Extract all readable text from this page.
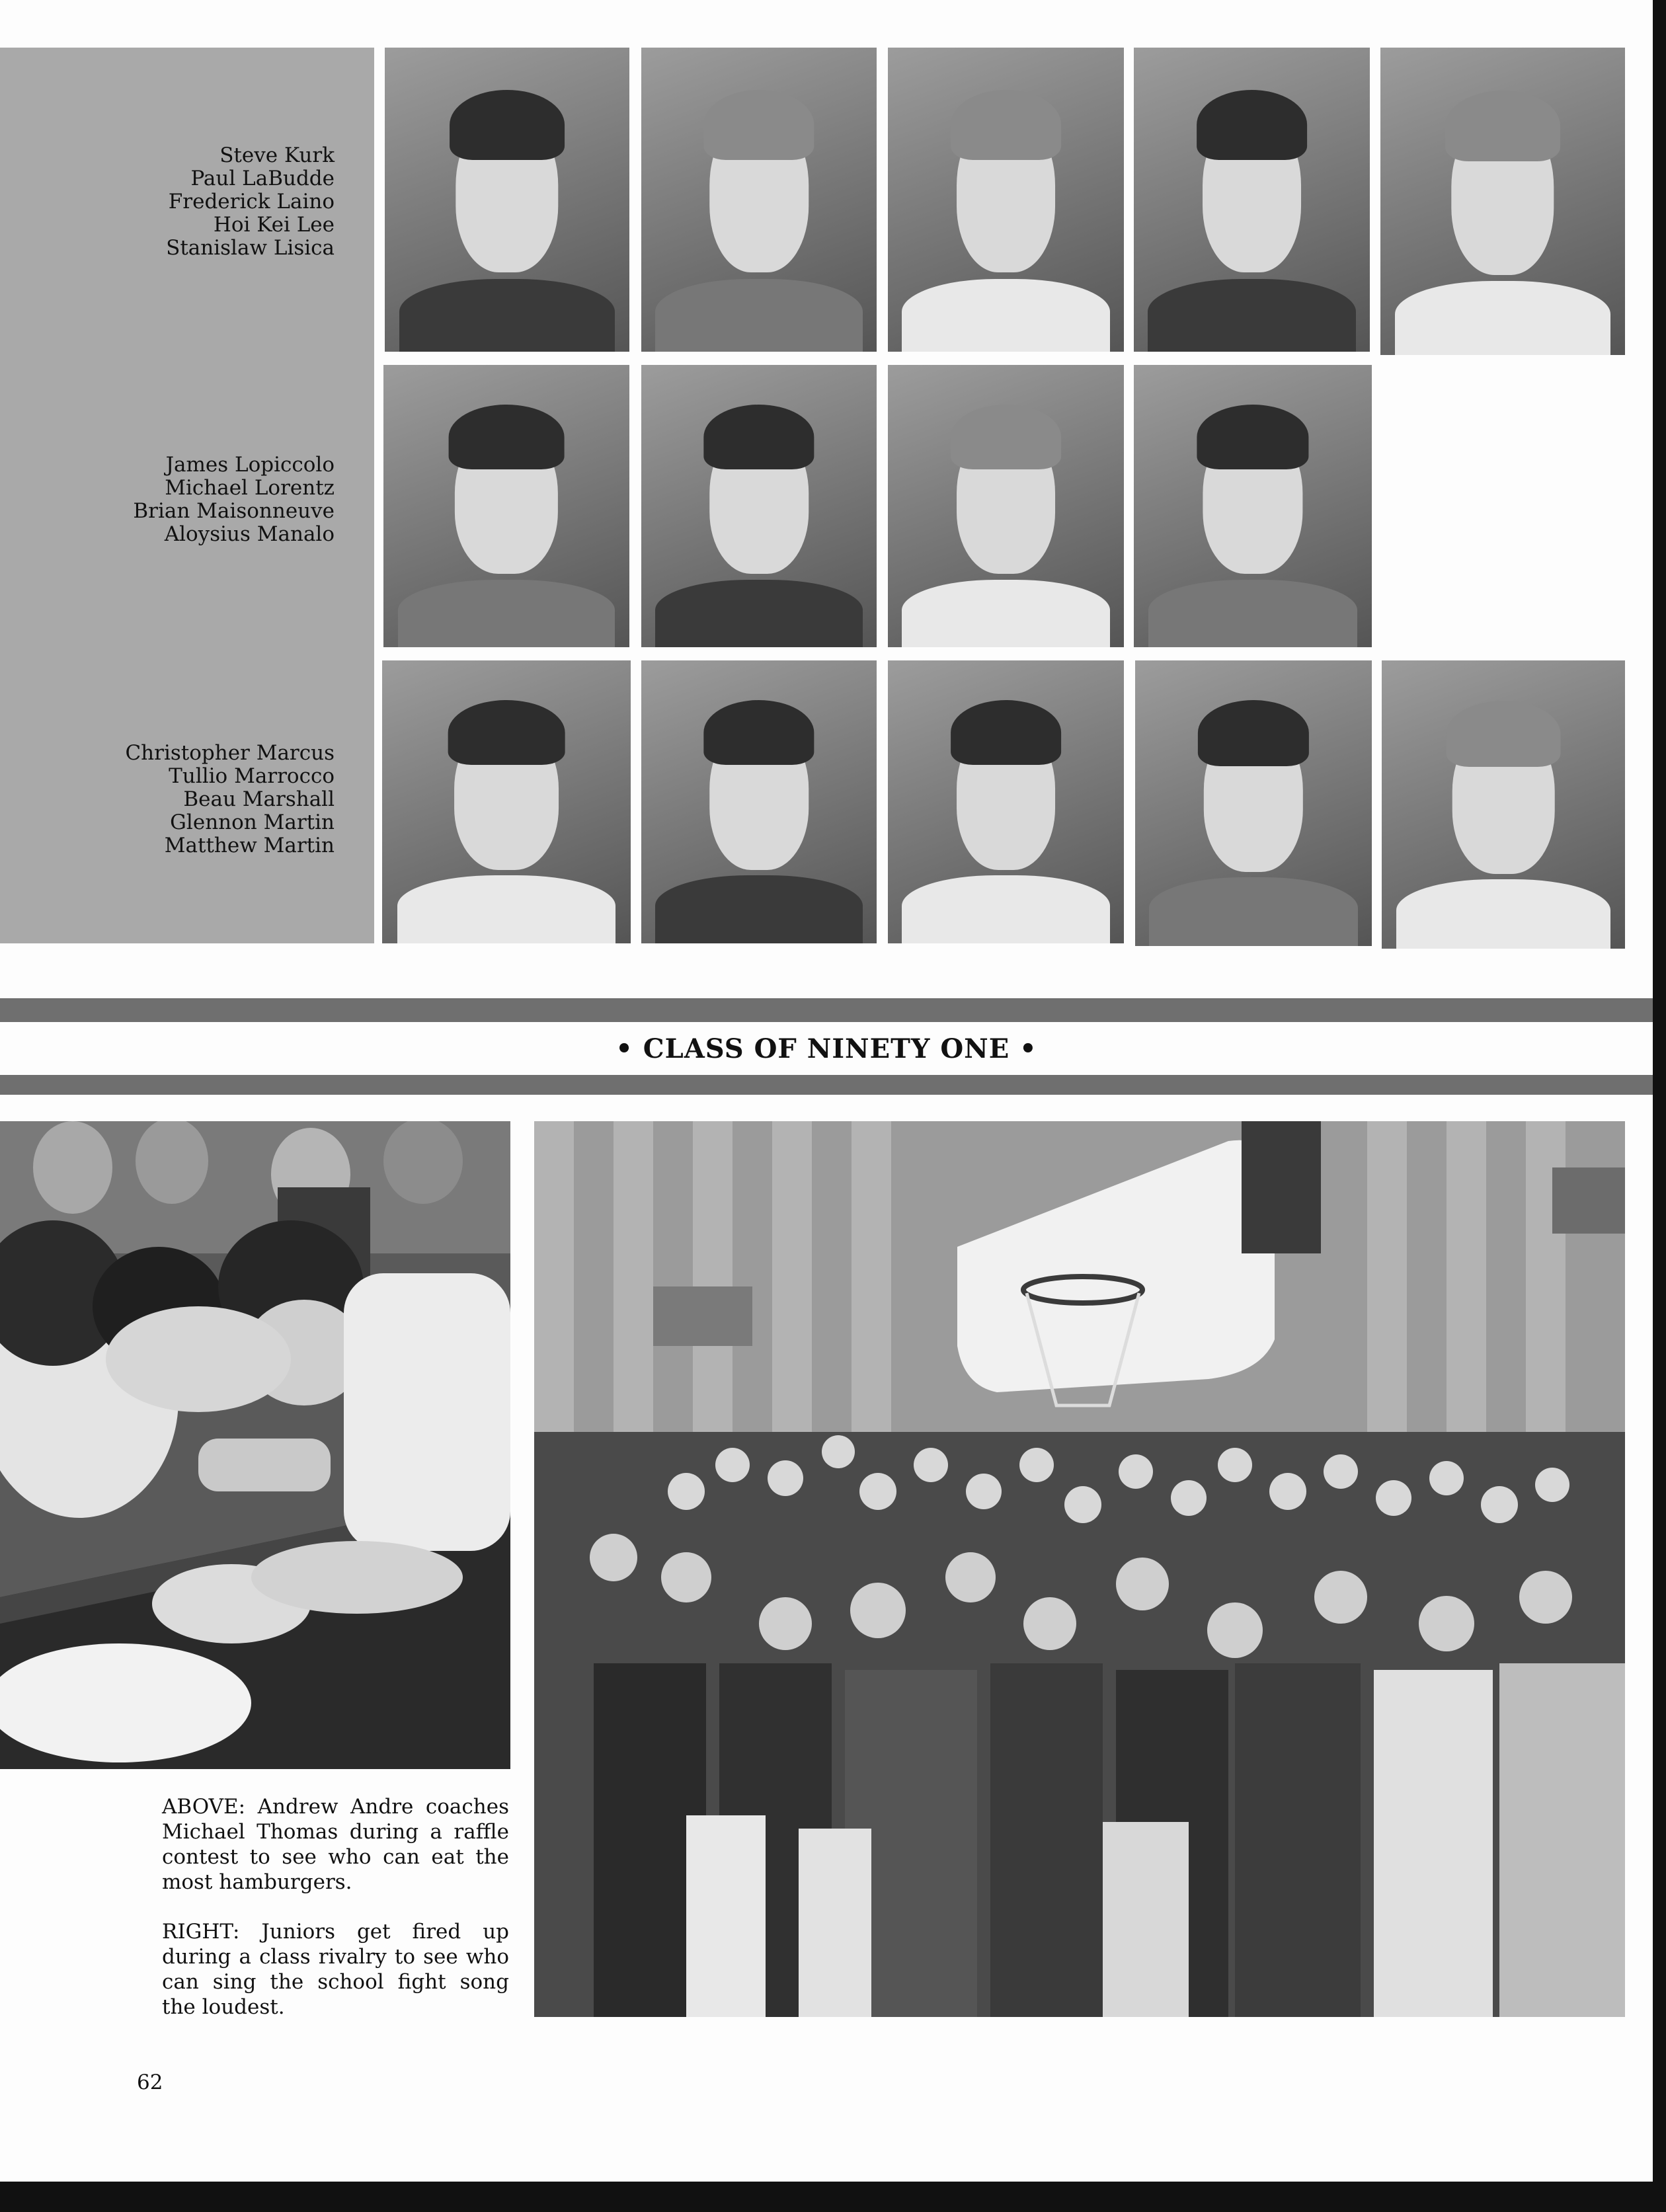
Steve Kurk
Paul LaBudde
Frederick Laino
Hoi Kei Lee
Stanislaw Lisica
James Lopiccolo
Michael Lorentz
Brian Maisonneuve
Aloysius Manalo
Christopher Marcus
Tullio Marrocco
Beau Marshall
Glennon Martin
Matthew Martin
• CLASS OF NINETY ONE •

ABOVE: Andrew Andre coaches Michael Thomas during a raffle contest to see who can eat the most hamburgers.

RIGHT: Juniors get fired up during a class rivalry to see who can sing the school fight song the loudest.

62
